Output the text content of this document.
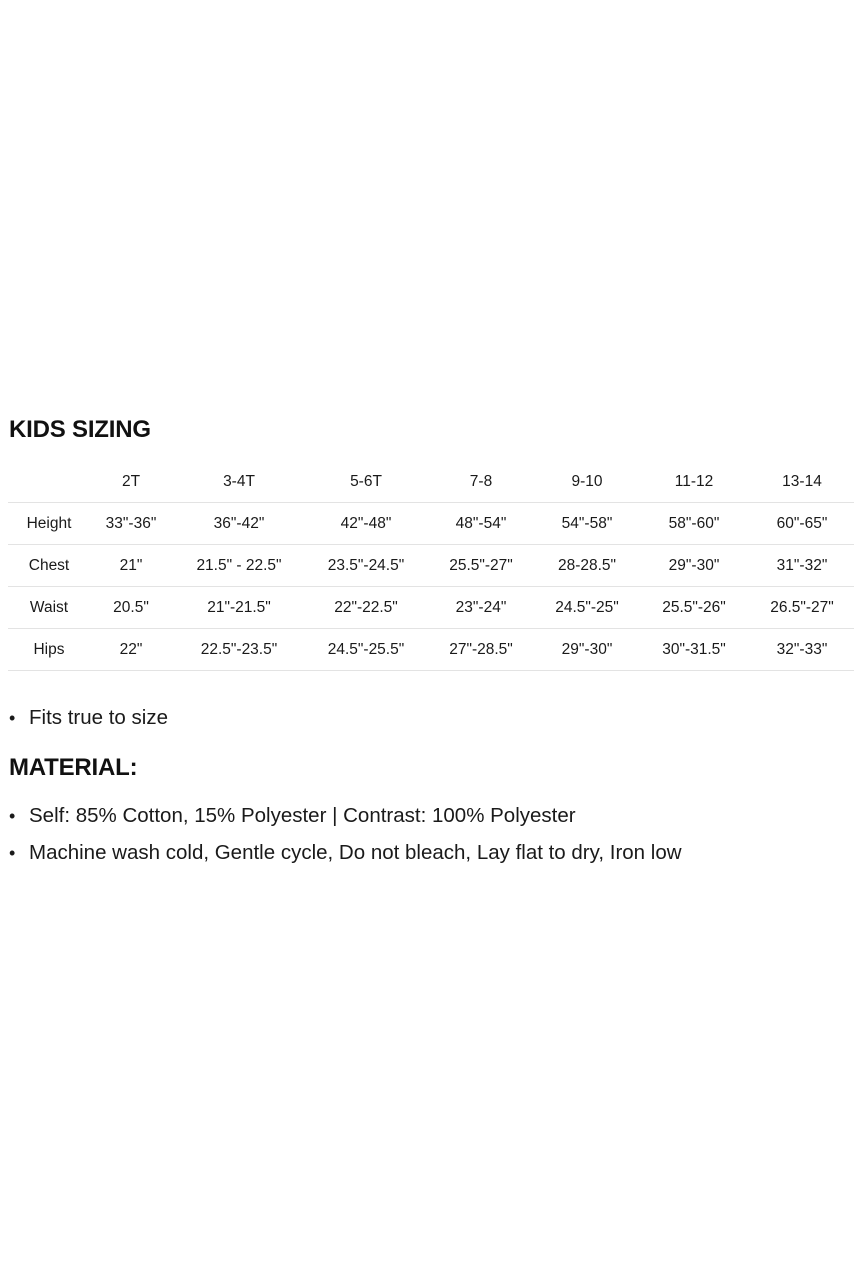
KIDS SIZING
	2T	3-4T	5-6T	7-8	9-10	11-12	13-14
Height	33"-36"	36"-42"	42"-48"	48"-54"	54"-58"	58"-60"	60"-65"
Chest	21"	21.5" - 22.5"	23.5"-24.5"	25.5"-27"	28-28.5"	29"-30"	31"-32"
Waist	20.5"	21"-21.5"	22"-22.5"	23"-24"	24.5"-25"	25.5"-26"	26.5"-27"
Hips	22"	22.5"-23.5"	24.5"-25.5"	27"-28.5"	29"-30"	30"-31.5"	32"-33"
• Fits true to size
MATERIAL:
• Self: 85% Cotton, 15% Polyester | Contrast: 100% Polyester
• Machine wash cold, Gentle cycle, Do not bleach, Lay flat to dry, Iron low
